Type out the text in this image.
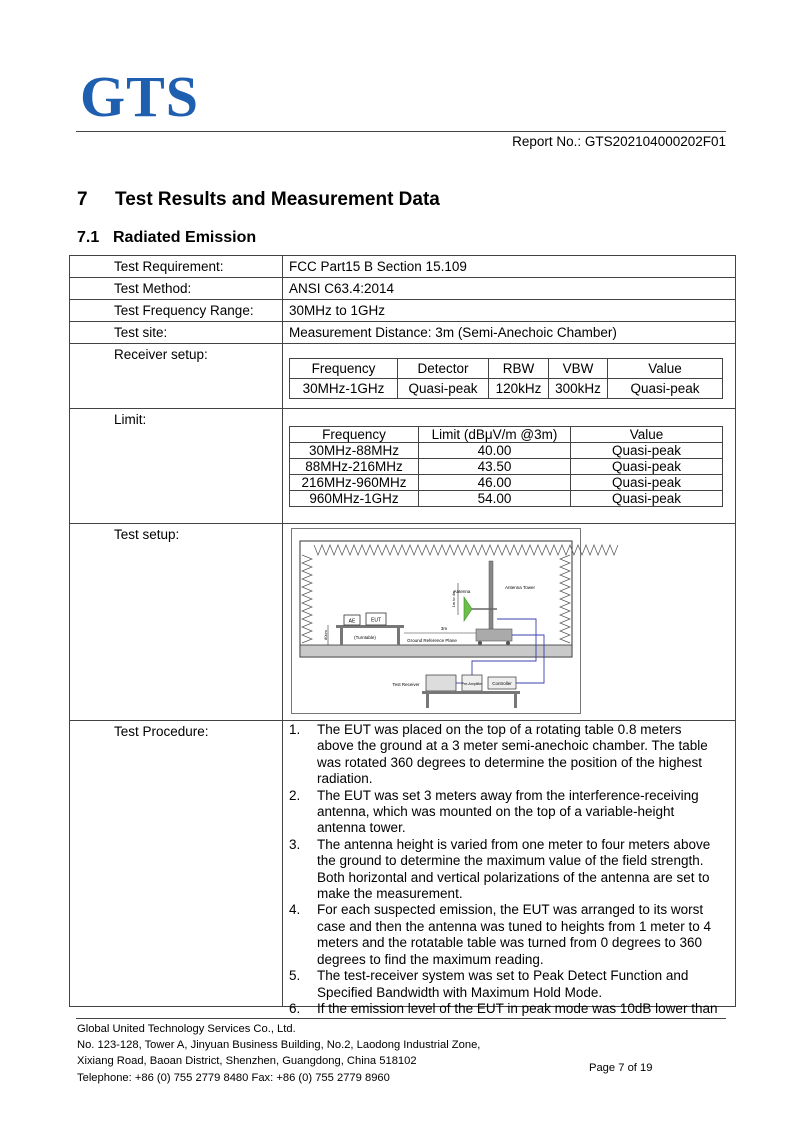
GTS
Report No.: GTS202104000202F01
7 Test Results and Measurement Data
7.1 Radiated Emission
Test Requirement:	FCC Part15 B Section 15.109
Test Method:	ANSI C63.4:2014
Test Frequency Range:	30MHz to 1GHz
Test site:	Measurement Distance: 3m (Semi-Anechoic Chamber)
Receiver setup:
Frequency	Detector	RBW	VBW	Value
30MHz-1GHz	Quasi-peak	120kHz	300kHz	Quasi-peak
Limit:
Frequency	Limit (dBμV/m @3m)	Value
30MHz-88MHz	40.00	Quasi-peak
88MHz-216MHz	43.50	Quasi-peak
216MHz-960MHz	46.00	Quasi-peak
960MHz-1GHz	54.00	Quasi-peak
Test setup:
AE	EUT
(Turntable)
80cm
3m
Ground Reference Plane
1m to 4m
Antenna
Antenna Tower
Test Receiver	Pre-Amplifier Controller
Test Procedure:	1. The EUT was placed on the top of a rotating table 0.8 meters above the ground at a 3 meter semi-anechoic chamber. The table was rotated 360 degrees to determine the position of the highest radiation.
2. The EUT was set 3 meters away from the interference-receiving antenna, which was mounted on the top of a variable-height antenna tower.
3. The antenna height is varied from one meter to four meters above the ground to determine the maximum value of the field strength. Both horizontal and vertical polarizations of the antenna are set to make the measurement.
4. For each suspected emission, the EUT was arranged to its worst case and then the antenna was tuned to heights from 1 meter to 4 meters and the rotatable table was turned from 0 degrees to 360 degrees to find the maximum reading.
5. The test-receiver system was set to Peak Detect Function and Specified Bandwidth with Maximum Hold Mode.
6. If the emission level of the EUT in peak mode was 10dB lower than
Global United Technology Services Co., Ltd.
No. 123-128, Tower A, Jinyuan Business Building, No.2, Laodong Industrial Zone,
Xixiang Road, Baoan District, Shenzhen, Guangdong, China 518102
Telephone: +86 (0) 755 2779 8480 Fax: +86 (0) 755 2779 8960
Page 7 of 19
